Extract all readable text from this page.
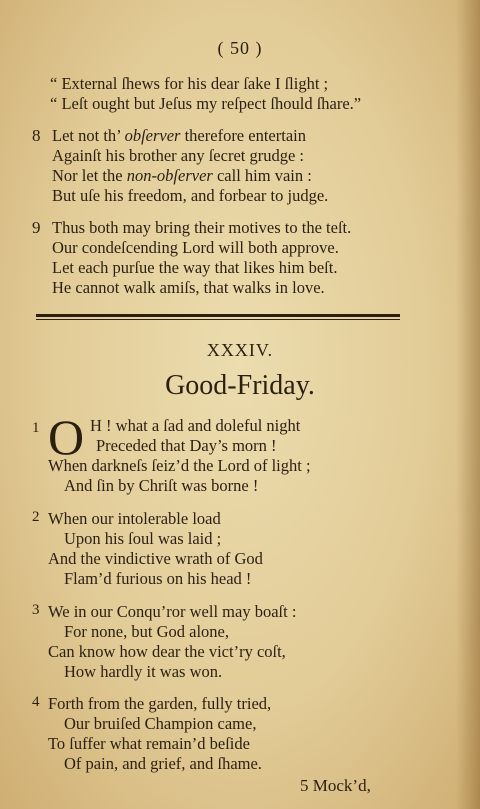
( 50 )
“ External ſhews for his dear ſake I ſlight ;
“ Leſt ought but Jeſus my reſpect ſhould ſhare.”
8 Let not th’ obſerver therefore entertain
Againſt his brother any ſecret grudge :
Nor let the non-obſerver call him vain :
But uſe his freedom, and forbear to judge.
9 Thus both may bring their motives to the teſt.
Our condeſcending Lord will both approve.
Let each purſue the way that likes him beſt.
He cannot walk amiſs, that walks in love.
XXXIV.
Good-Friday.
1 O H ! what a ſad and doleful night
Preceded that Day’s morn !
When darkneſs ſeiz’d the Lord of light ;
And ſin by Chriſt was borne !
2 When our intolerable load
Upon his ſoul was laid ;
And the vindictive wrath of God
Flam’d furious on his head !
3 We in our Conqu’ror well may boaſt :
For none, but God alone,
Can know how dear the vict’ry coſt,
How hardly it was won.
4 Forth from the garden, fully tried,
Our bruiſed Champion came,
To ſuffer what remain’d beſide
Of pain, and grief, and ſhame.
5 Mock’d,
